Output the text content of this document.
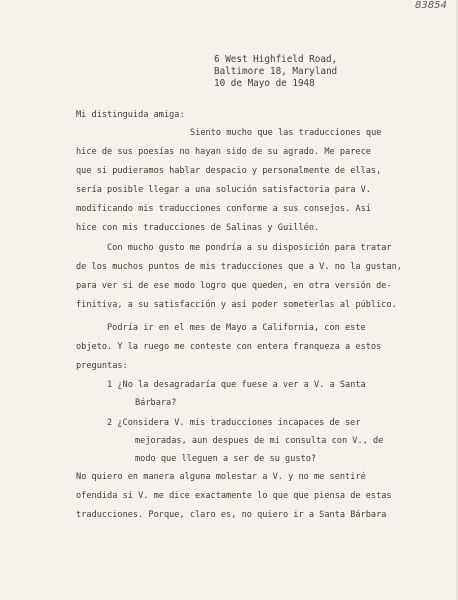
83854
6 West Highfield Road,
Baltimore 18, Maryland
10 de Mayo de 1948
Mi distinguida amiga:
Siento mucho que las traducciones que
hice de sus poesías no hayan sido de su agrado. Me parece
que si pudieramos hablar despacio y personalmente de ellas,
sería posible llegar a una solución satisfactoria para V.
modificando mis traducciones conforme a sus consejos. Así
hice con mis traducciones de Salinas y Guillén.
Con mucho gusto me pondría a su disposición para tratar
de los muchos puntos de mis traducciones que a V. no la gustan,
para ver si de ese modo logro que queden, en otra versión de-
finitiva, a su satisfacción y así poder someterlas al público.
Podría ir en el mes de Mayo a California, con este
objeto. Y la ruego me conteste con entera franqueza a estos
preguntas:
1 ¿No la desagradaría que fuese a ver a V. a Santa
Bárbara?
2 ¿Considera V. mis traducciones incapaces de ser
mejoradas, aun despues de mi consulta con V., de
modo que lleguen a ser de su gusto?
No quiero en manera alguna molestar a V. y no me sentiré
ofendida si V. me dice exactamente lo que que piensa de estas
traducciones. Porque, claro es, no quiero ir a Santa Bárbara
